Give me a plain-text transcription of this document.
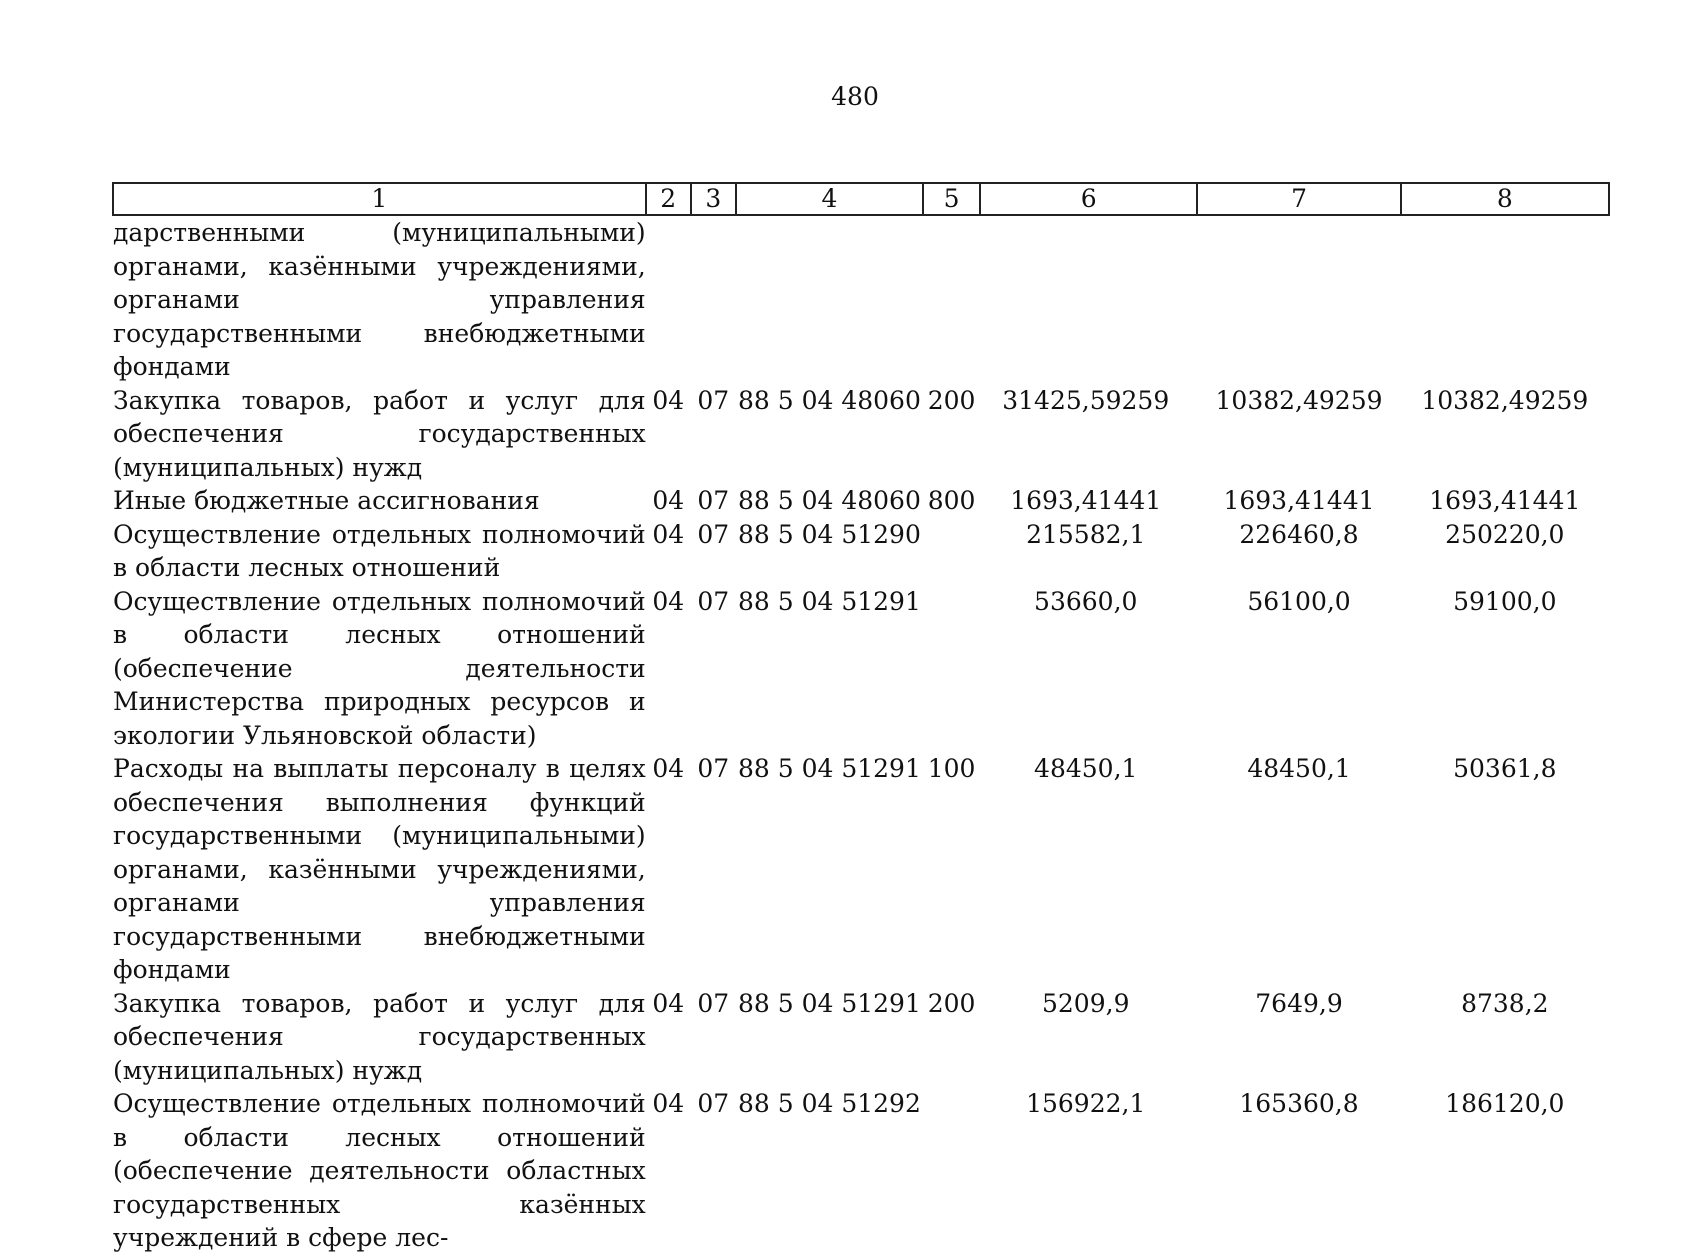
480
1	2	3	4	5	6	7	8
дарственными (муниципальными) органами, казёнными учреждениями, органами управления государственными внебюджетными фондами							
Закупка товаров, работ и услуг для обеспечения государственных (муниципальных) нужд	04	07	88 5 04 48060	200	31425,59259	10382,49259	10382,49259
Иные бюджетные ассигнования	04	07	88 5 04 48060	800	1693,41441	1693,41441	1693,41441
Осуществление отдельных полномочий в области лесных отношений	04	07	88 5 04 51290		215582,1	226460,8	250220,0
Осуществление отдельных полномочий в области лесных отношений (обеспечение деятельности Министерства природных ресурсов и экологии Ульяновской области)	04	07	88 5 04 51291		53660,0	56100,0	59100,0
Расходы на выплаты персоналу в целях обеспечения выполнения функций государственными (муниципальными) органами, казёнными учреждениями, органами управления государственными внебюджетными фондами	04	07	88 5 04 51291	100	48450,1	48450,1	50361,8
Закупка товаров, работ и услуг для обеспечения государственных (муниципальных) нужд	04	07	88 5 04 51291	200	5209,9	7649,9	8738,2
Осуществление отдельных полномочий в области лесных отношений (обеспечение деятельности областных государственных казённых учреждений в сфере лес-	04	07	88 5 04 51292		156922,1	165360,8	186120,0
